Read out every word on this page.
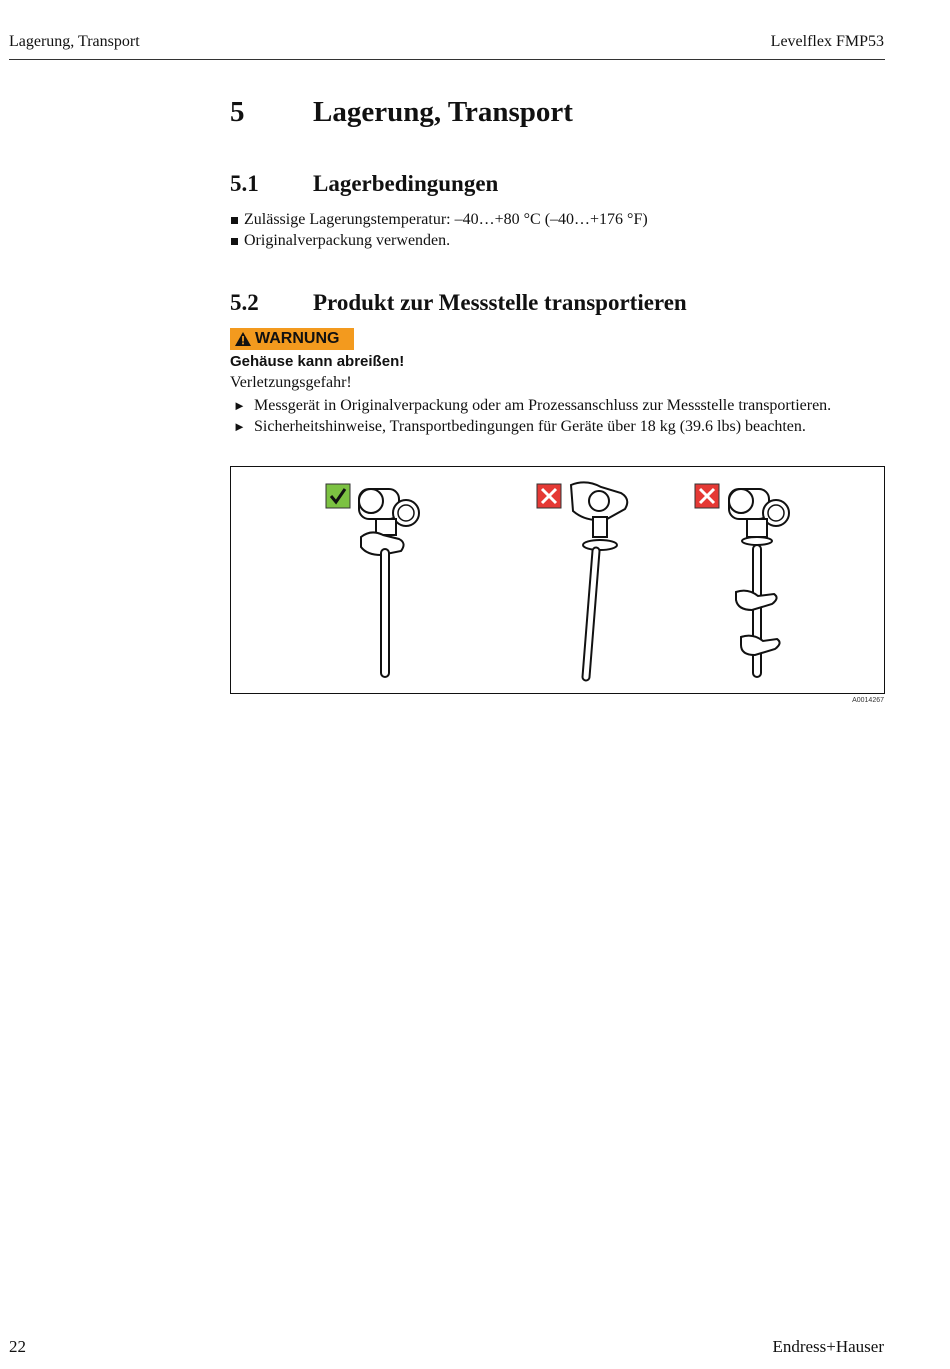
Lagerung, Transport	Levelflex FMP53
5 Lagerung, Transport
5.1 Lagerbedingungen
Zulässige Lagerungstemperatur: –40…+80 °C (–40…+176 °F)
Originalverpackung verwenden.
5.2 Produkt zur Messstelle transportieren
WARNUNG
Gehäuse kann abreißen!
Verletzungsgefahr!
► Messgerät in Originalverpackung oder am Prozessanschluss zur Messstelle transportieren.
► Sicherheitshinweise, Transportbedingungen für Geräte über 18 kg (39.6 lbs) beachten.
A0014267
22	Endress+Hauser
